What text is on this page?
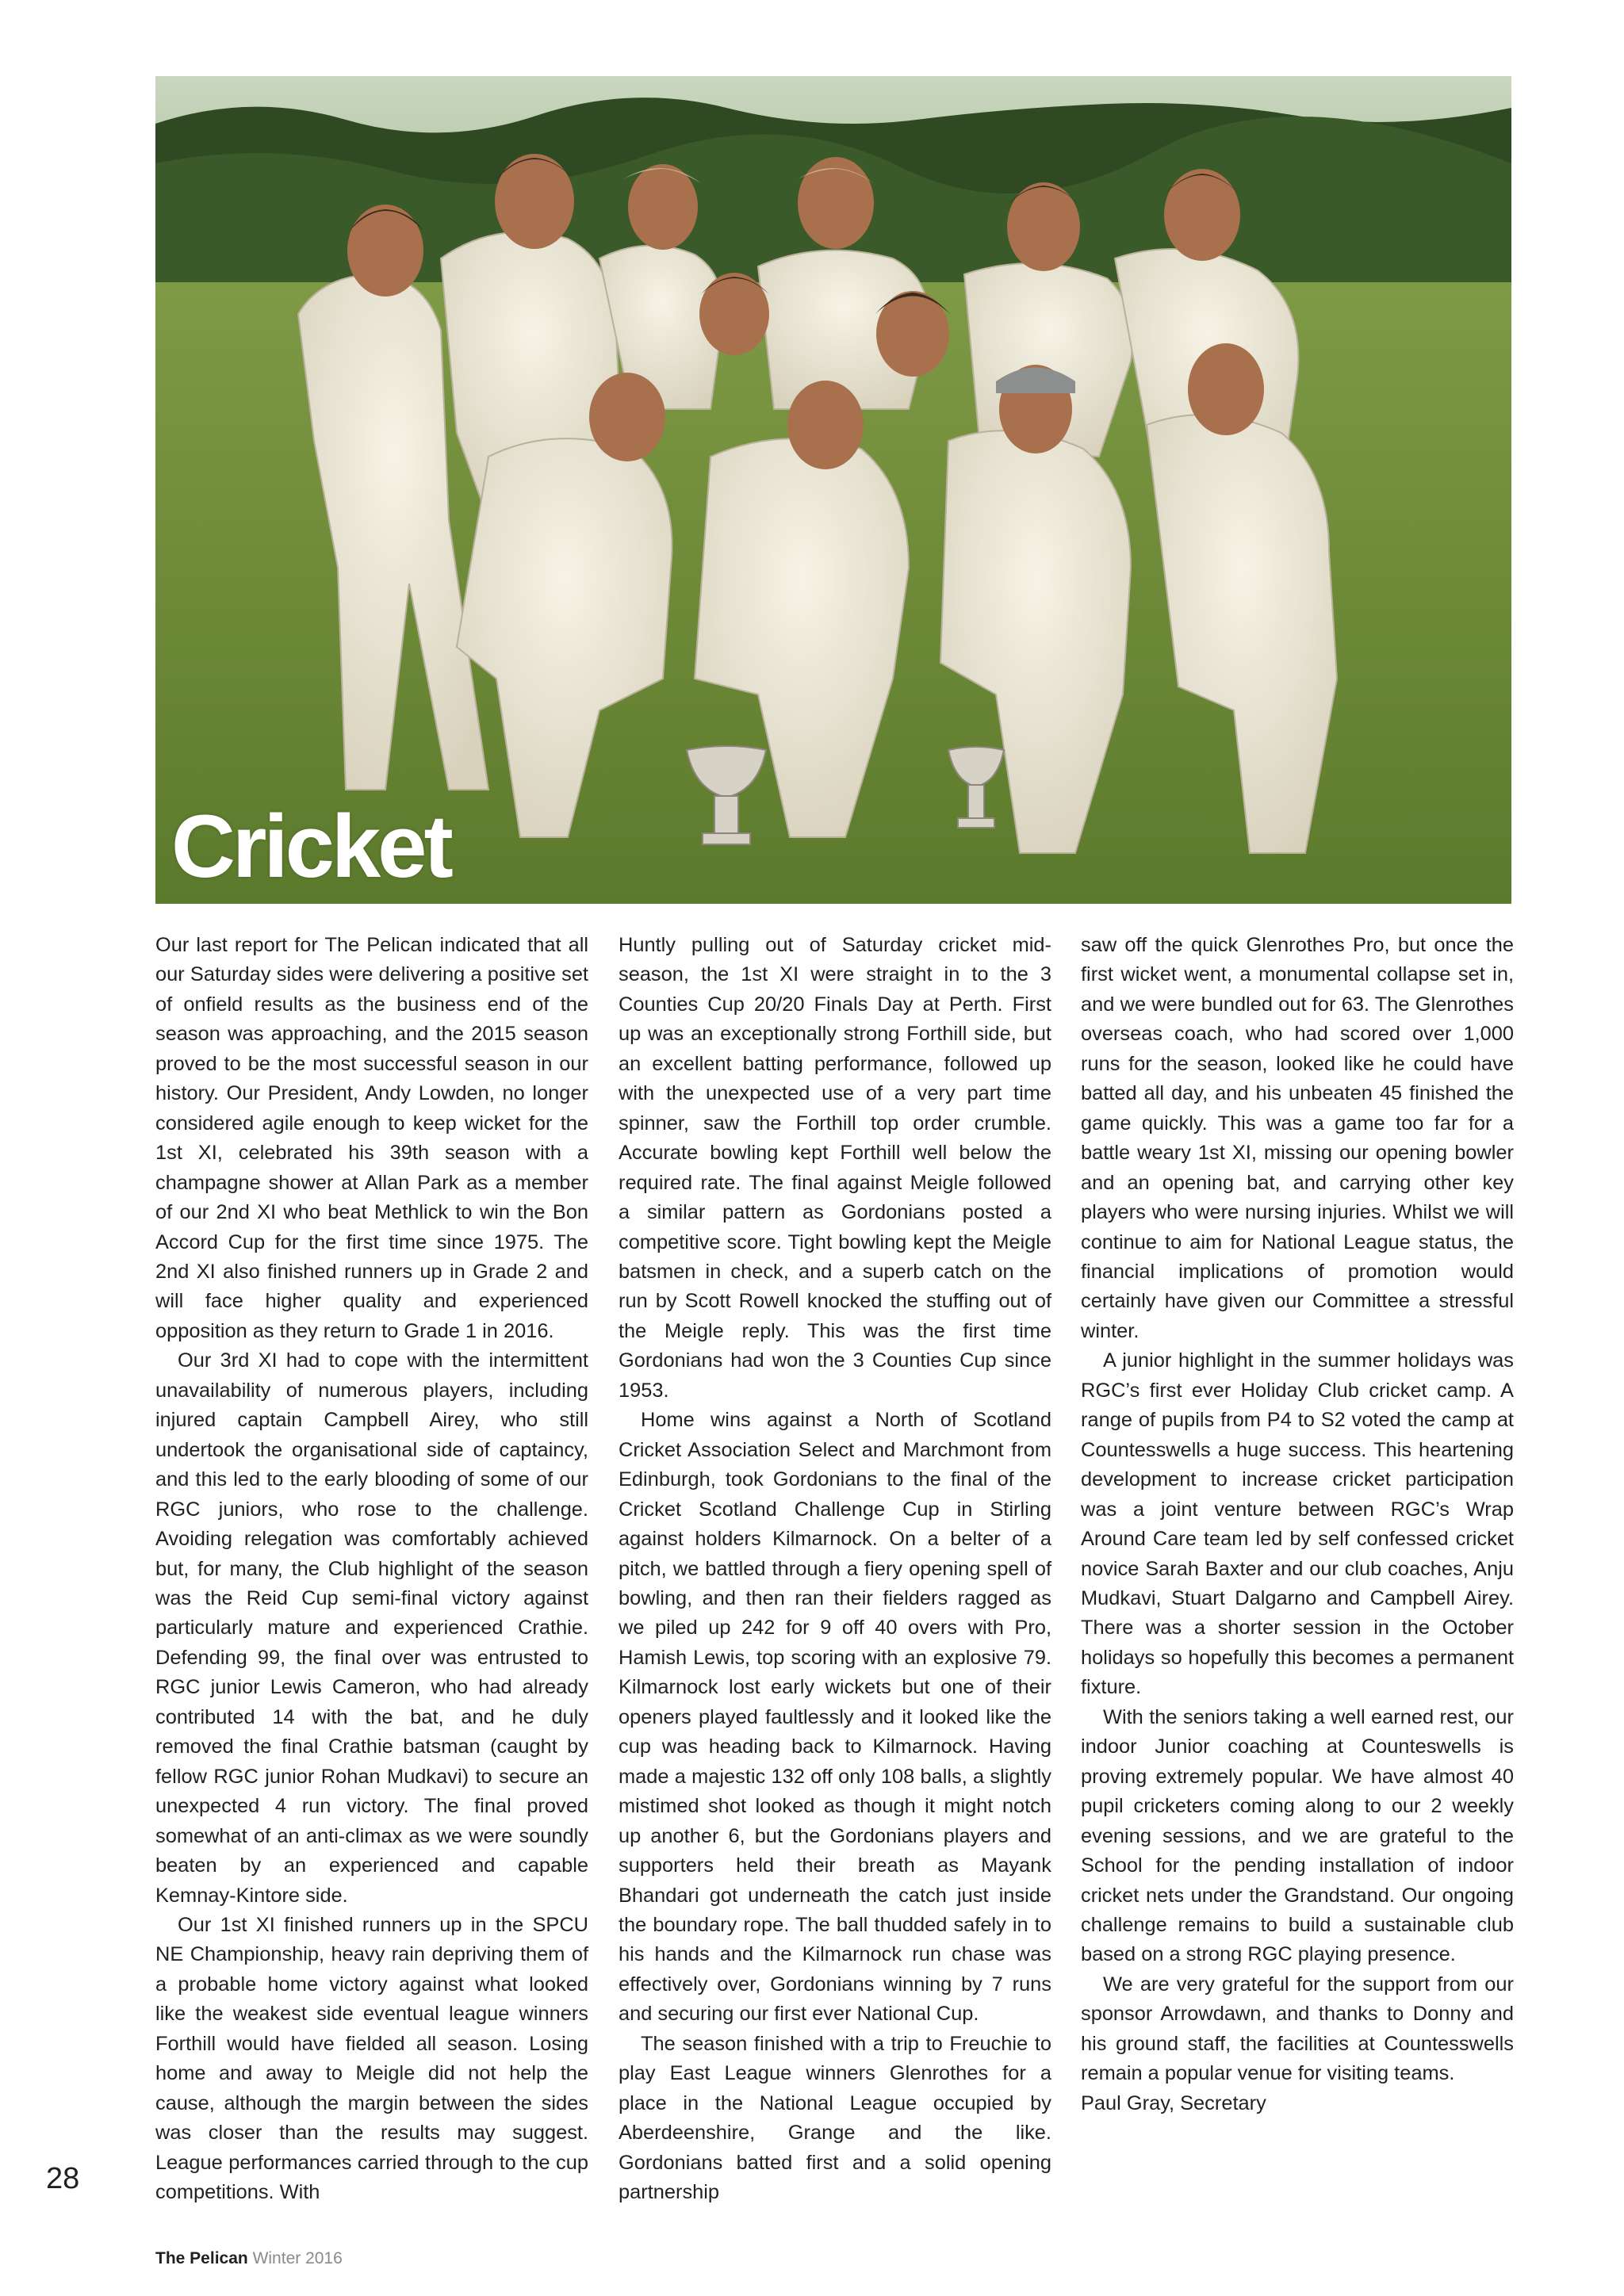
Cricket

Our last report for The Pelican indicated that all our Saturday sides were delivering a positive set of onfield results as the business end of the season was approaching, and the 2015 season proved to be the most successful season in our history. Our President, Andy Lowden, no longer considered agile enough to keep wicket for the 1st XI, celebrated his 39th season with a champagne shower at Allan Park as a member of our 2nd XI who beat Methlick to win the Bon Accord Cup for the first time since 1975. The 2nd XI also finished runners up in Grade 2 and will face higher quality and experienced opposition as they return to Grade 1 in 2016.

Our 3rd XI had to cope with the intermittent unavailability of numerous players, including injured captain Campbell Airey, who still undertook the organisational side of captaincy, and this led to the early blooding of some of our RGC juniors, who rose to the challenge. Avoiding relegation was comfortably achieved but, for many, the Club highlight of the season was the Reid Cup semi-final victory against particularly mature and experienced Crathie. Defending 99, the final over was entrusted to RGC junior Lewis Cameron, who had already contributed 14 with the bat, and he duly removed the final Crathie batsman (caught by fellow RGC junior Rohan Mudkavi) to secure an unexpected 4 run victory. The final proved somewhat of an anti-climax as we were soundly beaten by an experienced and capable Kemnay-Kintore side.

Our 1st XI finished runners up in the SPCU NE Championship, heavy rain depriving them of a probable home victory against what looked like the weakest side eventual league winners Forthill would have fielded all season. Losing home and away to Meigle did not help the cause, although the margin between the sides was closer than the results may suggest. League performances carried through to the cup competitions. With

Huntly pulling out of Saturday cricket mid-season, the 1st XI were straight in to the 3 Counties Cup 20/20 Finals Day at Perth. First up was an exceptionally strong Forthill side, but an excellent batting performance, followed up with the unexpected use of a very part time spinner, saw the Forthill top order crumble. Accurate bowling kept Forthill well below the required rate. The final against Meigle followed a similar pattern as Gordonians posted a competitive score. Tight bowling kept the Meigle batsmen in check, and a superb catch on the run by Scott Rowell knocked the stuffing out of the Meigle reply. This was the first time Gordonians had won the 3 Counties Cup since 1953.

Home wins against a North of Scotland Cricket Association Select and Marchmont from Edinburgh, took Gordonians to the final of the Cricket Scotland Challenge Cup in Stirling against holders Kilmarnock. On a belter of a pitch, we battled through a fiery opening spell of bowling, and then ran their fielders ragged as we piled up 242 for 9 off 40 overs with Pro, Hamish Lewis, top scoring with an explosive 79. Kilmarnock lost early wickets but one of their openers played faultlessly and it looked like the cup was heading back to Kilmarnock. Having made a majestic 132 off only 108 balls, a slightly mistimed shot looked as though it might notch up another 6, but the Gordonians players and supporters held their breath as Mayank Bhandari got underneath the catch just inside the boundary rope. The ball thudded safely in to his hands and the Kilmarnock run chase was effectively over, Gordonians winning by 7 runs and securing our first ever National Cup.

The season finished with a trip to Freuchie to play East League winners Glenrothes for a place in the National League occupied by Aberdeenshire, Grange and the like. Gordonians batted first and a solid opening partnership

saw off the quick Glenrothes Pro, but once the first wicket went, a monumental collapse set in, and we were bundled out for 63. The Glenrothes overseas coach, who had scored over 1,000 runs for the season, looked like he could have batted all day, and his unbeaten 45 finished the game quickly. This was a game too far for a battle weary 1st XI, missing our opening bowler and an opening bat, and carrying other key players who were nursing injuries. Whilst we will continue to aim for National League status, the financial implications of promotion would certainly have given our Committee a stressful winter.

A junior highlight in the summer holidays was RGC’s first ever Holiday Club cricket camp. A range of pupils from P4 to S2 voted the camp at Countesswells a huge success. This heartening development to increase cricket participation was a joint venture between RGC’s Wrap Around Care team led by self confessed cricket novice Sarah Baxter and our club coaches, Anju Mudkavi, Stuart Dalgarno and Campbell Airey. There was a shorter session in the October holidays so hopefully this becomes a permanent fixture.

With the seniors taking a well earned rest, our indoor Junior coaching at Counteswells is proving extremely popular. We have almost 40 pupil cricketers coming along to our 2 weekly evening sessions, and we are grateful to the School for the pending installation of indoor cricket nets under the Grandstand. Our ongoing challenge remains to build a sustainable club based on a strong RGC playing presence.

We are very grateful for the support from our sponsor Arrowdawn, and thanks to Donny and his ground staff, the facilities at Countesswells remain a popular venue for visiting teams.

Paul Gray, Secretary

28
The Pelican Winter 2016
